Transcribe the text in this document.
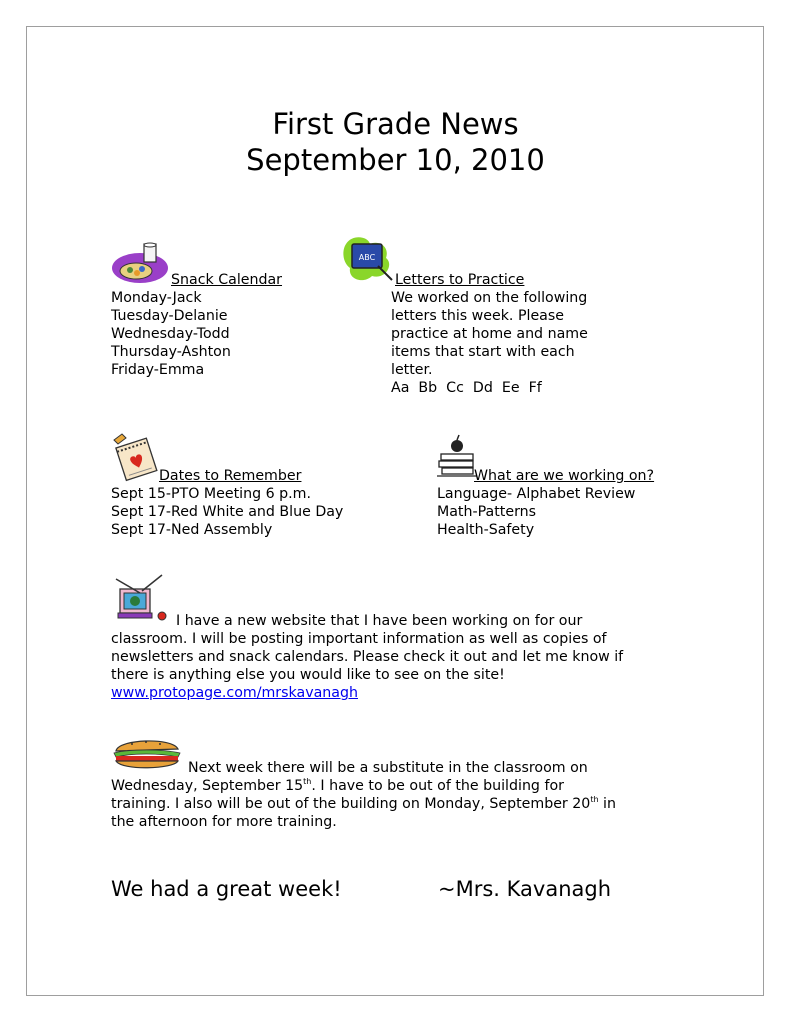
First Grade News
September 10, 2010
Snack Calendar
Monday-Jack
Tuesday-Delanie
Wednesday-Todd
Thursday-Ashton
Friday-Emma
ABC
Letters to Practice
We worked on the following
letters this week. Please
practice at home and name
items that start with each
letter.
Aa  Bb  Cc  Dd  Ee  Ff
Dates to Remember
Sept 15-PTO Meeting 6 p.m.
Sept 17-Red White and Blue Day
Sept 17-Ned Assembly
What are we working on?
Language- Alphabet Review
Math-Patterns
Health-Safety
I have a new website that I have been working on for our
classroom. I will be posting important information as well as copies of
newsletters and snack calendars. Please check it out and let me know if
there is anything else you would like to see on the site!
www.protopage.com/mrskavanagh
Next week there will be a substitute in the classroom on
Wednesday, September 15th. I have to be out of the building for
training. I also will be out of the building on Monday, September 20th in
the afternoon for more training.
We had a great week!	~Mrs. Kavanagh
